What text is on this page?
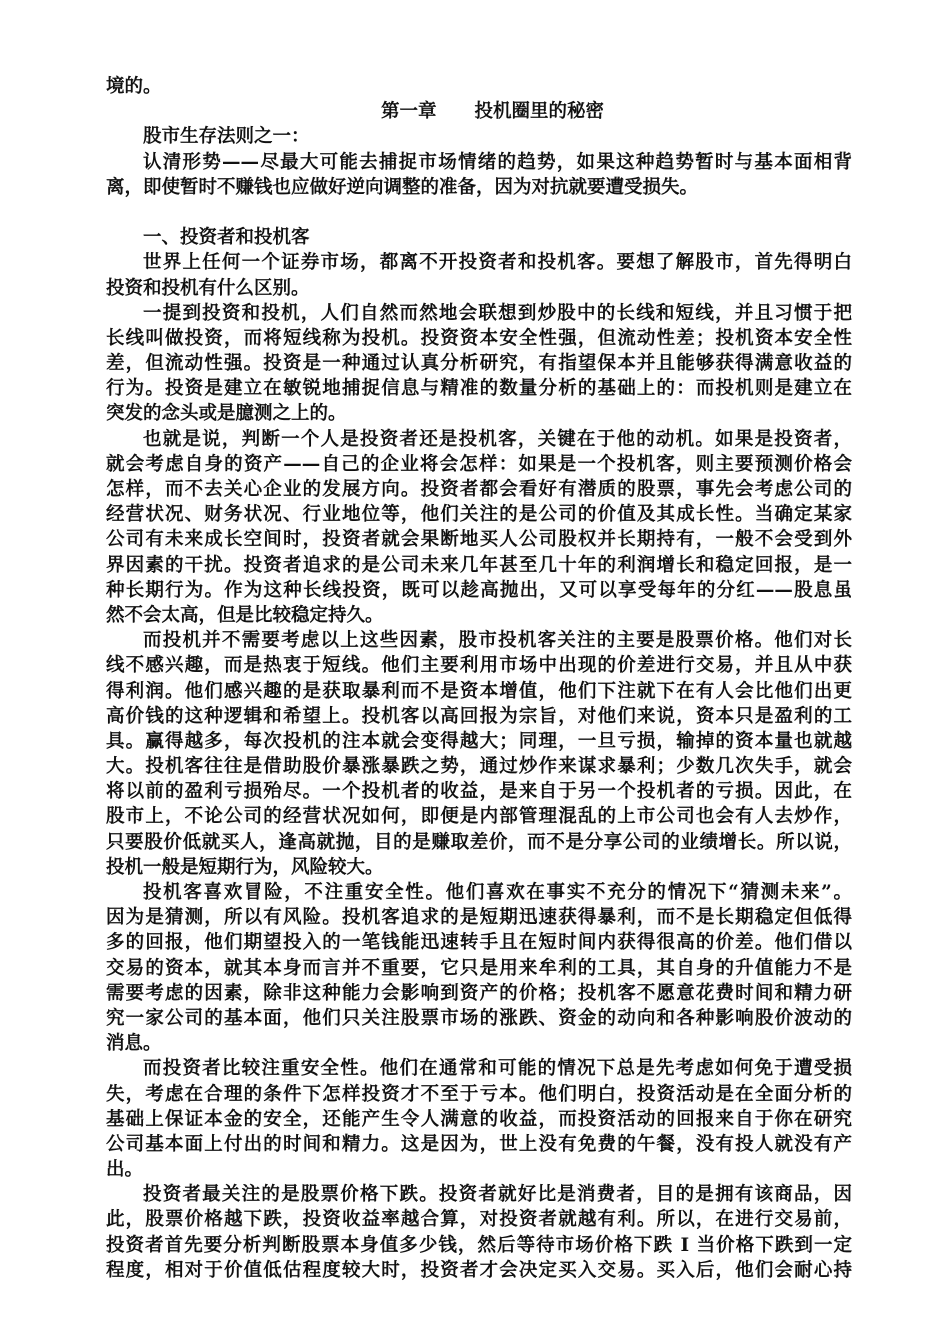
境的。
第一章 投机圈里的秘密
股市生存法则之一：
认清形势——尽最大可能去捕捉市场情绪的趋势，如果这种趋势暂时与基本面相背
离，即使暂时不赚钱也应做好逆向调整的准备，因为对抗就要遭受损失。
一、投资者和投机客
世界上任何一个证券市场，都离不开投资者和投机客。要想了解股市，首先得明白
投资和投机有什么区别。
一提到投资和投机，人们自然而然地会联想到炒股中的长线和短线，并且习惯于把
长线叫做投资，而将短线称为投机。投资资本安全性强，但流动性差；投机资本安全性
差，但流动性强。投资是一种通过认真分析研究，有指望保本并且能够获得满意收益的
行为。投资是建立在敏锐地捕捉信息与精准的数量分析的基础上的：而投机则是建立在
突发的念头或是臆测之上的。
也就是说，判断一个人是投资者还是投机客，关键在于他的动机。如果是投资者，
就会考虑自身的资产——自己的企业将会怎样：如果是一个投机客，则主要预测价格会
怎样，而不去关心企业的发展方向。投资者都会看好有潜质的股票，事先会考虑公司的
经营状况、财务状况、行业地位等，他们关注的是公司的价值及其成长性。当确定某家
公司有未来成长空间时，投资者就会果断地买人公司股权并长期持有，一般不会受到外
界因素的干扰。投资者追求的是公司未来几年甚至几十年的利润增长和稳定回报，是一
种长期行为。作为这种长线投资，既可以趁高抛出，又可以享受每年的分红——股息虽
然不会太高，但是比较稳定持久。
而投机并不需要考虑以上这些因素，股市投机客关注的主要是股票价格。他们对长
线不感兴趣，而是热衷于短线。他们主要利用市场中出现的价差进行交易，并且从中获
得利润。他们感兴趣的是获取暴利而不是资本增值，他们下注就下在有人会比他们出更
高价钱的这种逻辑和希望上。投机客以高回报为宗旨，对他们来说，资本只是盈利的工
具。赢得越多，每次投机的注本就会变得越大；同理，一旦亏损，输掉的资本量也就越
大。投机客往往是借助股价暴涨暴跌之势，通过炒作来谋求暴利；少数几次失手，就会
将以前的盈利亏损殆尽。一个投机者的收益，是来自于另一个投机者的亏损。因此，在
股市上，不论公司的经营状况如何，即便是内部管理混乱的上市公司也会有人去炒作，
只要股价低就买人，逢高就抛，目的是赚取差价，而不是分享公司的业绩增长。所以说，
投机一般是短期行为，风险较大。
投机客喜欢冒险，不注重安全性。他们喜欢在事实不充分的情况下“猜测未来”。
因为是猜测，所以有风险。投机客追求的是短期迅速获得暴利，而不是长期稳定但低得
多的回报，他们期望投入的一笔钱能迅速转手且在短时间内获得很高的价差。他们借以
交易的资本，就其本身而言并不重要，它只是用来牟利的工具，其自身的升值能力不是
需要考虑的因素，除非这种能力会影响到资产的价格；投机客不愿意花费时间和精力研
究一家公司的基本面，他们只关注股票市场的涨跌、资金的动向和各种影响股价波动的
消息。
而投资者比较注重安全性。他们在通常和可能的情况下总是先考虑如何免于遭受损
失，考虑在合理的条件下怎样投资才不至于亏本。他们明白，投资活动是在全面分析的
基础上保证本金的安全，还能产生令人满意的收益，而投资活动的回报来自于你在研究
公司基本面上付出的时间和精力。这是因为，世上没有免费的午餐，没有投人就没有产
出。
投资者最关注的是股票价格下跌。投资者就好比是消费者，目的是拥有该商品，因
此，股票价格越下跌，投资收益率越合算，对投资者就越有利。所以，在进行交易前，
投资者首先要分析判断股票本身值多少钱，然后等待市场价格下跌 I 当价格下跌到一定
程度，相对于价值低估程度较大时，投资者才会决定买入交易。买入后，他们会耐心持
